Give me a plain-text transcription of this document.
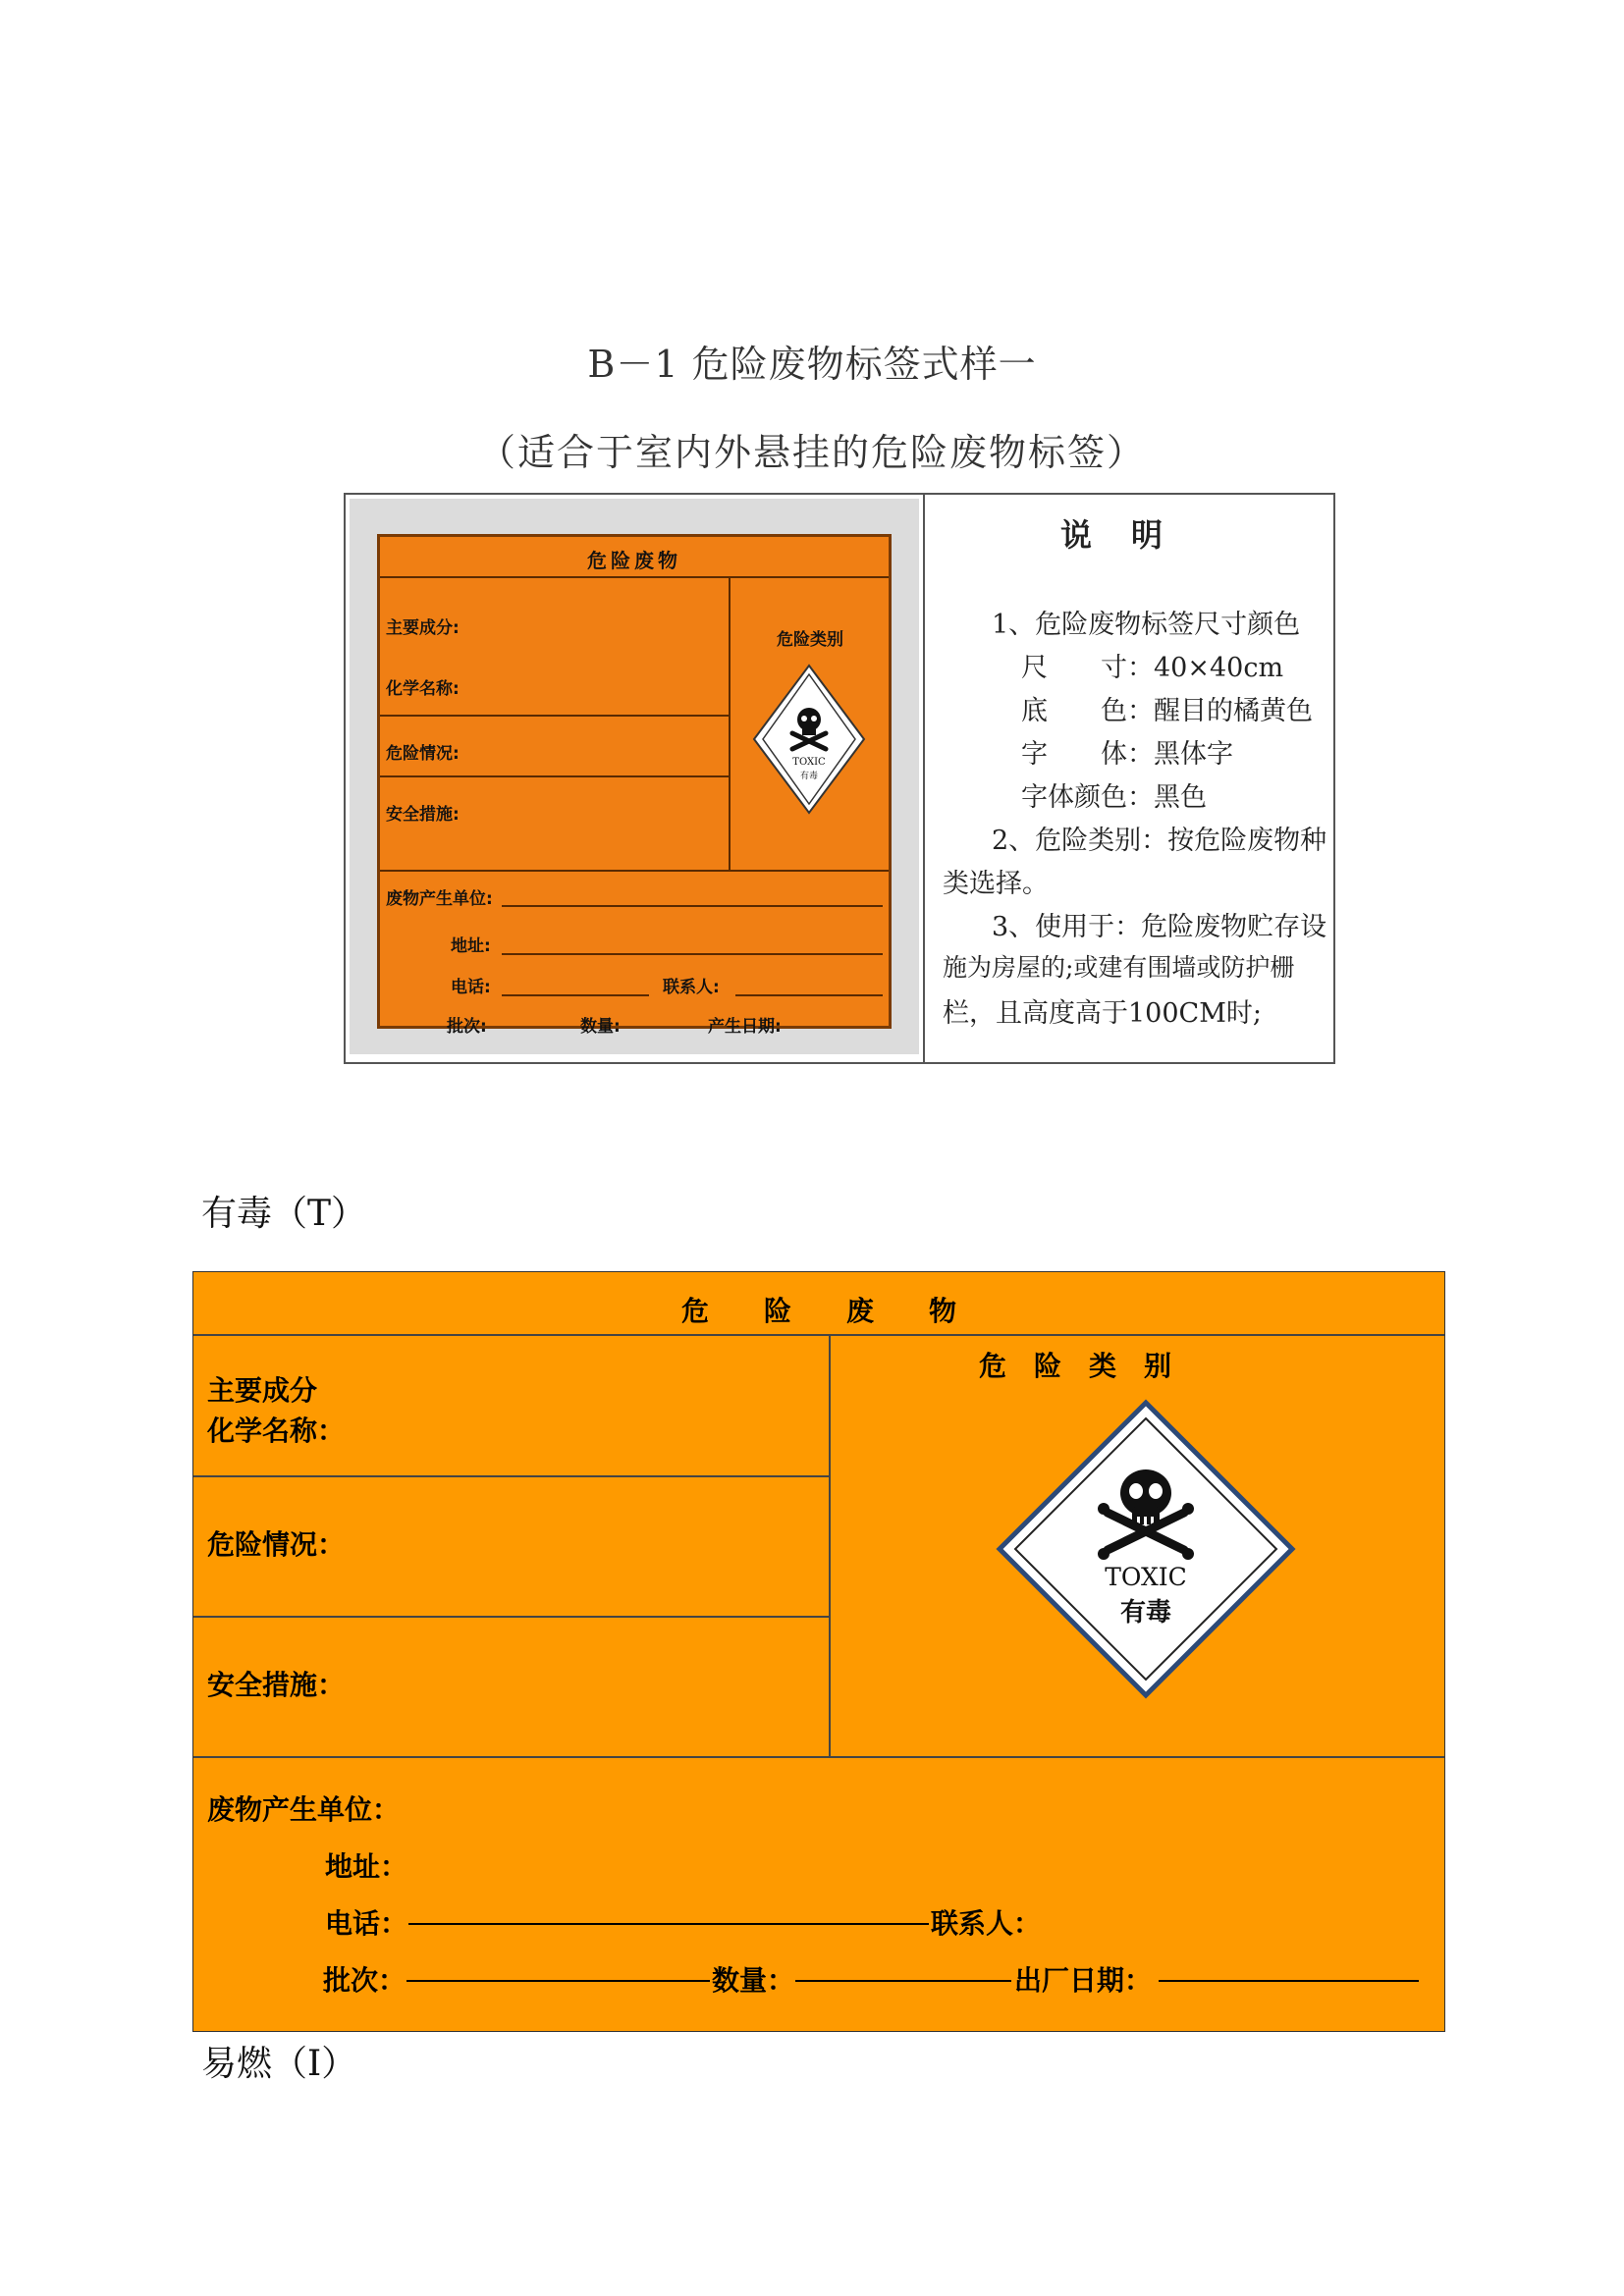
B－1 危险废物标签式样一
（适合于室内外悬挂的危险废物标签）
危险废物
主要成分:
化学名称:
危险情况:
安全措施:
危险类别
TOXIC
有毒
废物产生单位:
地址:
电话:	联系人:
批次:	数量:	产生日期:
说明
1、危险废物标签尺寸颜色
尺　　寸：40×40cm
底　　色：醒目的橘黄色
字　　体：黑体字
字体颜色：黑色
2、危险类别：按危险废物种
类选择。
3、使用于：危险废物贮存设
施为房屋的;或建有围墙或防护栅
栏，且高度高于100CM时;
有毒（T）
危　　险　　废　　物
主要成分
化学名称：
危险情况：
安全措施：
危　险　类　别
TOXIC
有毒
废物产生单位：
地址：
电话：	联系人：
批次：	数量：	出厂日期：
易燃（I）
